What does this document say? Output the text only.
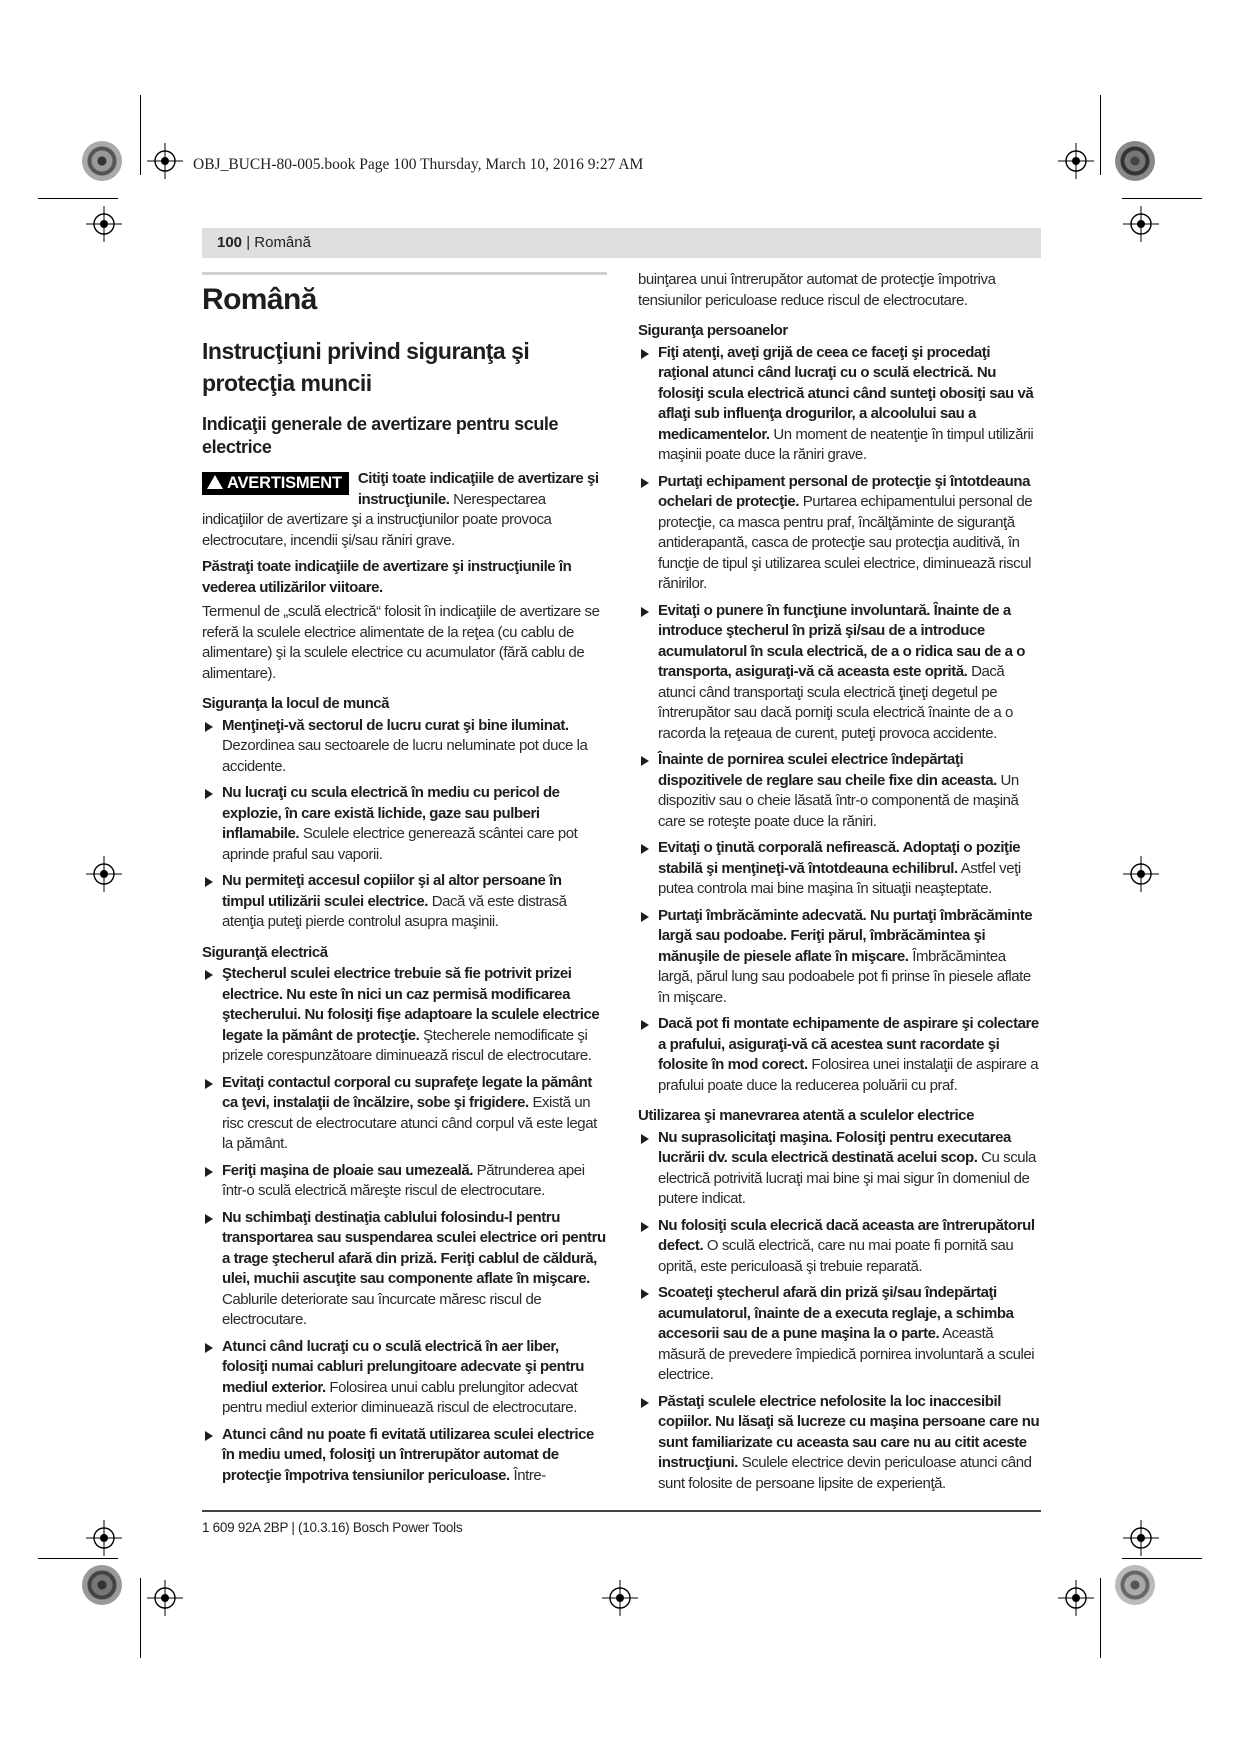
OBJ_BUCH-80-005.book Page 100 Thursday, March 10, 2016 9:27 AM
100 | Română
Română
Instrucţiuni privind siguranţa şi protecţia muncii
Indicaţii generale de avertizare pentru scule electrice
AVERTISMENT	Citiţi toate indicaţiile de avertizare şi instrucţiunile. Nerespectarea indicaţiilor de avertizare şi a instrucţiunilor poate provoca electrocutare, incendii şi/sau răniri grave.

Păstraţi toate indicaţiile de avertizare şi instrucţiunile în vederea utilizărilor viitoare.

Termenul de „sculă electrică“ folosit în indicaţiile de avertizare se referă la sculele electrice alimentate de la reţea (cu cablu de alimentare) şi la sculele electrice cu acumulator (fără cablu de alimentare).

Siguranţa la locul de muncă
Menţineţi-vă sectorul de lucru curat şi bine iluminat. Dezordinea sau sectoarele de lucru neluminate pot duce la accidente.
Nu lucraţi cu scula electrică în mediu cu pericol de explozie, în care există lichide, gaze sau pulberi inflamabile. Sculele electrice generează scântei care pot aprinde praful sau vaporii.
Nu permiteţi accesul copiilor şi al altor persoane în timpul utilizării sculei electrice. Dacă vă este distrasă atenţia puteţi pierde controlul asupra maşinii.
Siguranţă electrică
Ştecherul sculei electrice trebuie să fie potrivit prizei electrice. Nu este în nici un caz permisă modificarea ştecherului. Nu folosiţi fişe adaptoare la sculele electrice legate la pământ de protecţie. Ştecherele nemodificate şi prizele corespunzătoare diminuează riscul de electrocutare.
Evitaţi contactul corporal cu suprafeţe legate la pământ ca ţevi, instalaţii de încălzire, sobe şi frigidere. Există un risc crescut de electrocutare atunci când corpul vă este legat la pământ.
Feriţi maşina de ploaie sau umezeală. Pătrunderea apei într-o sculă electrică măreşte riscul de electrocutare.
Nu schimbaţi destinaţia cablului folosindu-l pentru transportarea sau suspendarea sculei electrice ori pentru a trage ştecherul afară din priză. Feriţi cablul de căldură, ulei, muchii ascuţite sau componente aflate în mişcare. Cablurile deteriorate sau încurcate măresc riscul de electrocutare.
Atunci când lucraţi cu o sculă electrică în aer liber, folosiţi numai cabluri prelungitoare adecvate şi pentru mediul exterior. Folosirea unui cablu prelungitor adecvat pentru mediul exterior diminuează riscul de electrocutare.
Atunci când nu poate fi evitată utilizarea sculei electrice în mediu umed, folosiţi un întrerupător automat de protecţie împotriva tensiunilor periculoase. Între-

buinţarea unui întrerupător automat de protecţie împotriva tensiunilor periculoase reduce riscul de electrocutare.

Siguranţa persoanelor
Fiţi atenţi, aveţi grijă de ceea ce faceţi şi procedaţi raţional atunci când lucraţi cu o sculă electrică. Nu folosiţi scula electrică atunci când sunteţi obosiţi sau vă aflaţi sub influenţa drogurilor, a alcoolului sau a medicamentelor. Un moment de neatenţie în timpul utilizării maşinii poate duce la răniri grave.
Purtaţi echipament personal de protecţie şi întotdeauna ochelari de protecţie. Purtarea echipamentului personal de protecţie, ca masca pentru praf, încălţăminte de siguranţă antiderapantă, casca de protecţie sau protecţia auditivă, în funcţie de tipul şi utilizarea sculei electrice, diminuează riscul rănirilor.
Evitaţi o punere în funcţiune involuntară. Înainte de a introduce ştecherul în priză şi/sau de a introduce acumulatorul în scula electrică, de a o ridica sau de a o transporta, asiguraţi-vă că aceasta este oprită. Dacă atunci când transportaţi scula electrică ţineţi degetul pe întrerupător sau dacă porniţi scula electrică înainte de a o racorda la reţeaua de curent, puteţi provoca accidente.
Înainte de pornirea sculei electrice îndepărtaţi dispozitivele de reglare sau cheile fixe din aceasta. Un dispozitiv sau o cheie lăsată într-o componentă de maşină care se roteşte poate duce la răniri.
Evitaţi o ţinută corporală nefirească. Adoptaţi o poziţie stabilă şi menţineţi-vă întotdeauna echilibrul. Astfel veţi putea controla mai bine maşina în situaţii neaşteptate.
Purtaţi îmbrăcăminte adecvată. Nu purtaţi îmbrăcăminte largă sau podoabe. Feriţi părul, îmbrăcămintea şi mănuşile de piesele aflate în mişcare. Îmbrăcămintea largă, părul lung sau podoabele pot fi prinse în piesele aflate în mişcare.
Dacă pot fi montate echipamente de aspirare şi colectare a prafului, asiguraţi-vă că acestea sunt racordate şi folosite în mod corect. Folosirea unei instalaţii de aspirare a prafului poate duce la reducerea poluării cu praf.
Utilizarea şi manevrarea atentă a sculelor electrice
Nu suprasolicitaţi maşina. Folosiţi pentru executarea lucrării dv. scula electrică destinată acelui scop. Cu scula electrică potrivită lucraţi mai bine şi mai sigur în domeniul de putere indicat.
Nu folosiţi scula elecrică dacă aceasta are întrerupătorul defect. O sculă electrică, care nu mai poate fi pornită sau oprită, este periculoasă şi trebuie reparată.
Scoateţi ştecherul afară din priză şi/sau îndepărtaţi acumulatorul, înainte de a executa reglaje, a schimba accesorii sau de a pune maşina la o parte. Această măsură de prevedere împiedică pornirea involuntară a sculei electrice.
Păstaţi sculele electrice nefolosite la loc inaccesibil copiilor. Nu lăsaţi să lucreze cu maşina persoane care nu sunt familiarizate cu aceasta sau care nu au citit aceste instrucţiuni. Sculele electrice devin periculoase atunci când sunt folosite de persoane lipsite de experienţă.
1 609 92A 2BP | (10.3.16) Bosch Power Tools
